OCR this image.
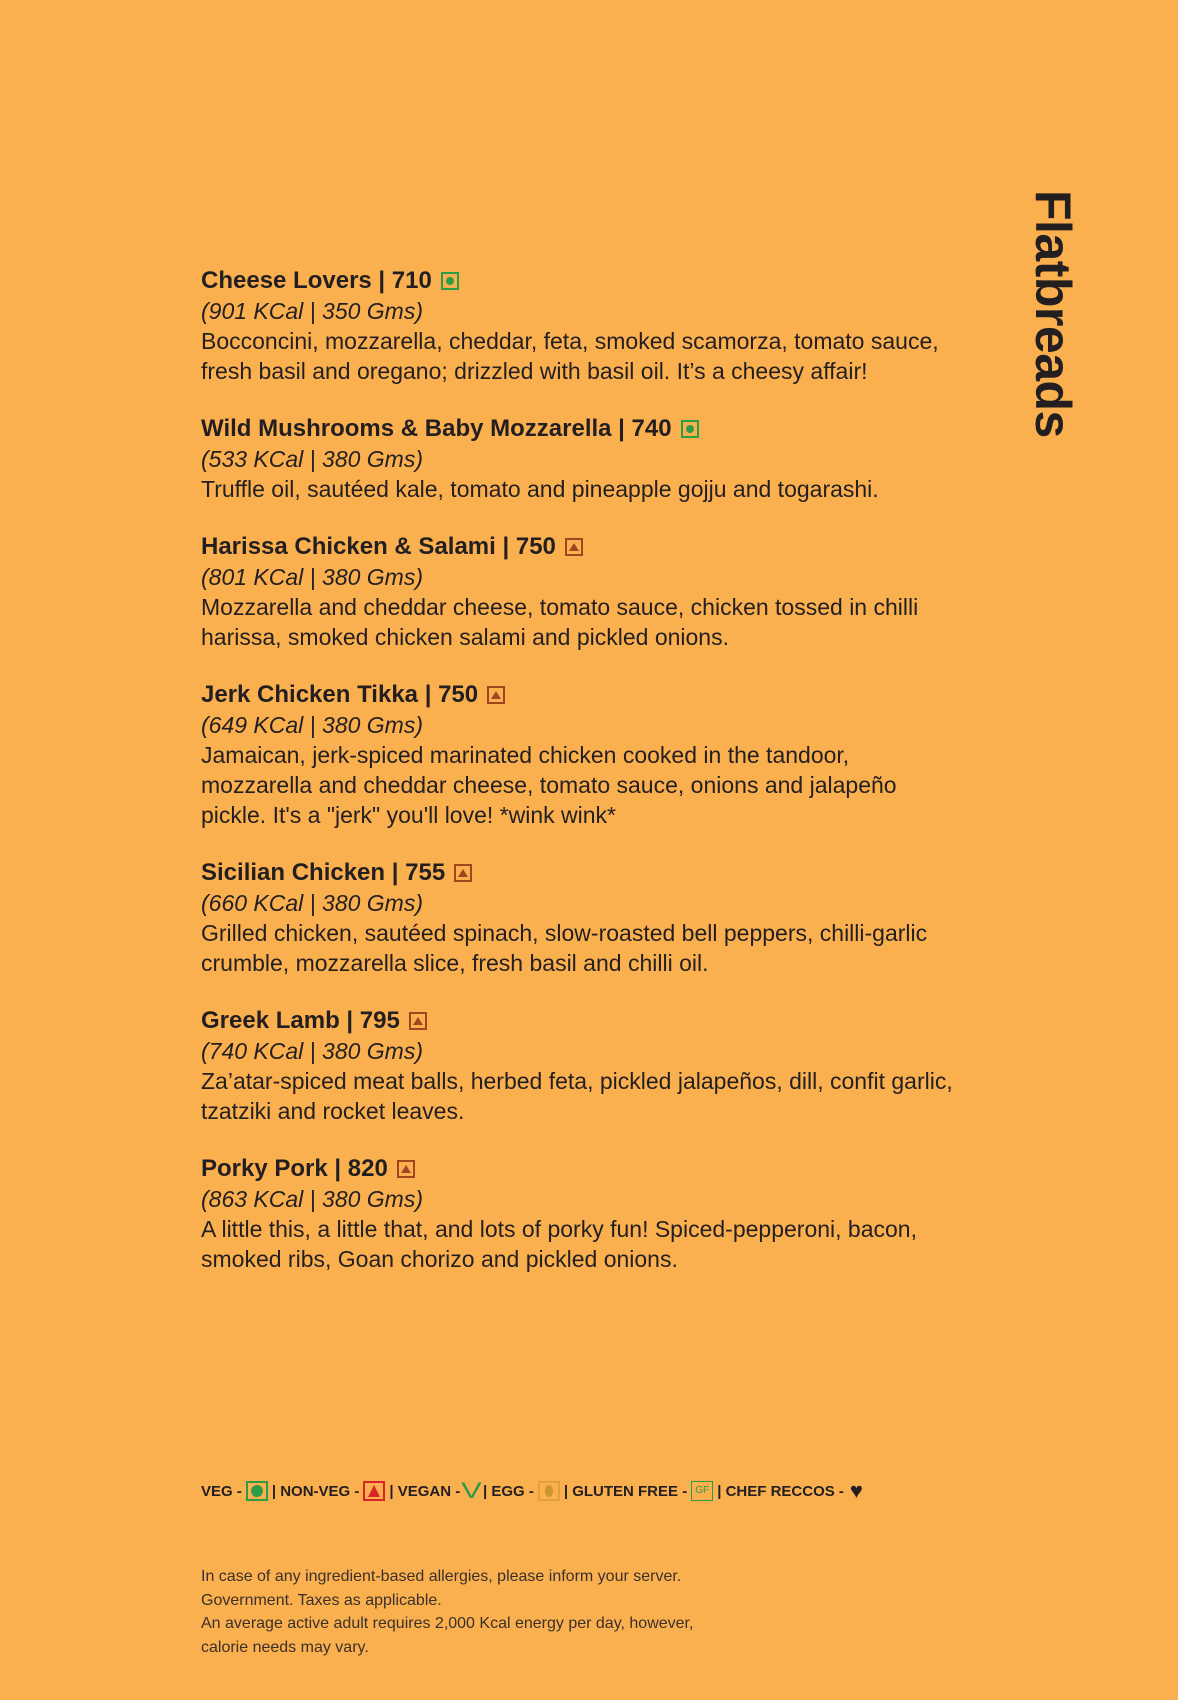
Flatbreads
Cheese Lovers | 710
(901 KCal | 350 Gms)
Bocconcini, mozzarella, cheddar, feta, smoked scamorza, tomato sauce, fresh basil and oregano; drizzled with basil oil. It’s a cheesy affair!
Wild Mushrooms & Baby Mozzarella | 740
(533 KCal | 380 Gms)
Truffle oil, sautéed kale, tomato and pineapple gojju and togarashi.
Harissa Chicken & Salami | 750
(801 KCal | 380 Gms)
Mozzarella and cheddar cheese, tomato sauce, chicken tossed in chilli harissa, smoked chicken salami and pickled onions.
Jerk Chicken Tikka | 750
(649 KCal | 380 Gms)
Jamaican, jerk-spiced marinated chicken cooked in the tandoor, mozzarella and cheddar cheese, tomato sauce, onions and jalapeño pickle. It's a "jerk" you'll love! *wink wink*
Sicilian Chicken | 755
(660 KCal | 380 Gms)
Grilled chicken, sautéed spinach, slow-roasted bell peppers, chilli-garlic crumble, mozzarella slice, fresh basil and chilli oil.
Greek Lamb | 795
(740 KCal | 380 Gms)
Za’atar-spiced meat balls, herbed feta, pickled jalapeños, dill, confit garlic, tzatziki and rocket leaves.
Porky Pork | 820
(863 KCal | 380 Gms)
A little this, a little that, and lots of porky fun! Spiced-pepperoni, bacon, smoked ribs, Goan chorizo and pickled onions.
VEG - | NON-VEG - | VEGAN - V | EGG - | GLUTEN FREE - GF | CHEF RECCOS - ♥
In case of any ingredient-based allergies, please inform your server.
Government. Taxes as applicable.
An average active adult requires 2,000 Kcal energy per day, however,
calorie needs may vary.
